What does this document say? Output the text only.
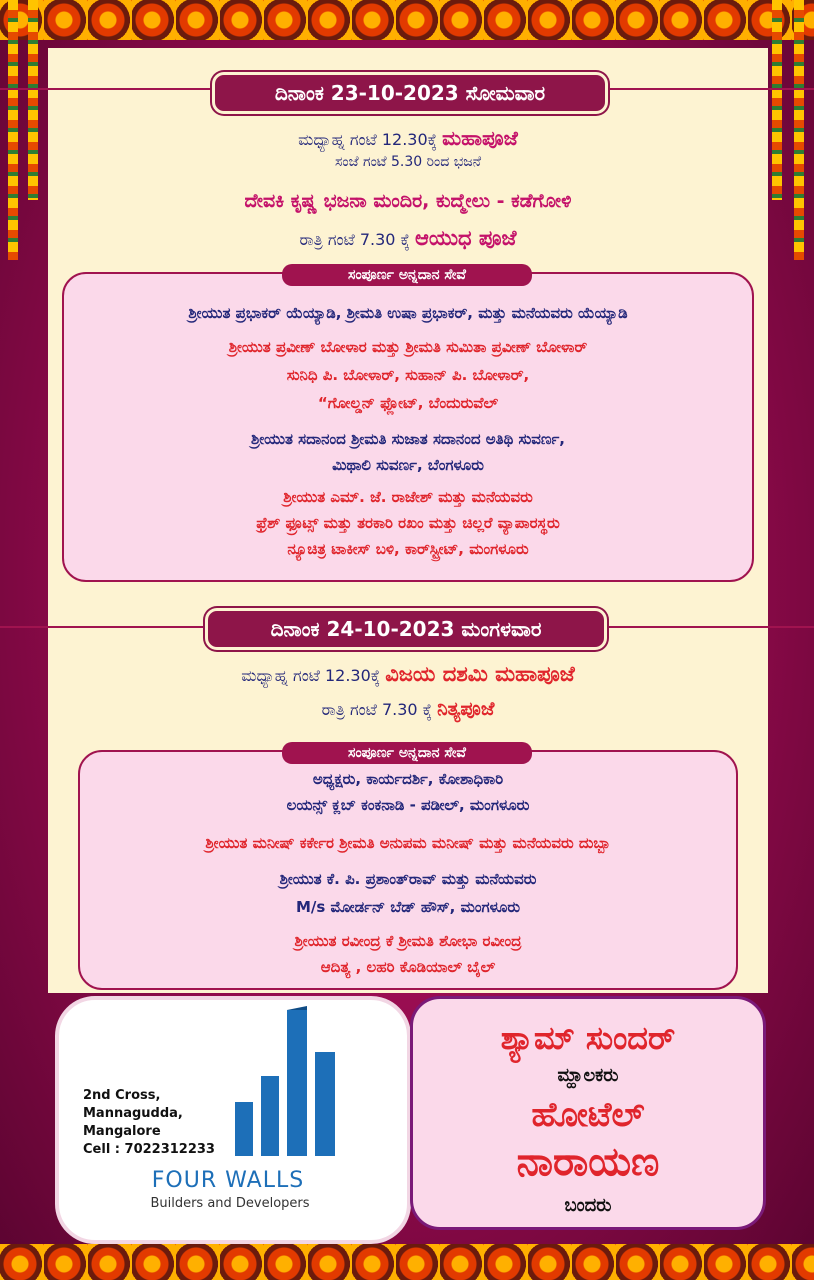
ದಿನಾಂಕ 23-10-2023 ಸೋಮವಾರ
ಮಧ್ಯಾಹ್ನ ಗಂಟೆ 12.30ಕ್ಕೆ ಮಹಾಪೂಜೆ
ಸಂಜೆ ಗಂಟೆ 5.30 ರಿಂದ ಭಜನೆ
ದೇವಕಿ ಕೃಷ್ಣ ಭಜನಾ ಮಂದಿರ, ಕುದ್ಮೇಲು - ಕಡೆಗೋಳಿ
ರಾತ್ರಿ ಗಂಟೆ 7.30 ಕ್ಕೆ ಆಯುಧ ಪೂಜೆ
ಸಂಪೂರ್ಣ ಅನ್ನದಾನ ಸೇವೆ
ಶ್ರೀಯುತ ಪ್ರಭಾಕರ್ ಯೆಯ್ಯಾಡಿ, ಶ್ರೀಮತಿ ಉಷಾ ಪ್ರಭಾಕರ್, ಮತ್ತು ಮನೆಯವರು ಯೆಯ್ಯಾಡಿ
ಶ್ರೀಯುತ ಪ್ರವೀಣ್ ಬೋಳಾರ ಮತ್ತು ಶ್ರೀಮತಿ ಸುಮಿತಾ ಪ್ರವೀಣ್ ಬೋಳಾರ್
ಸುನಿಧಿ ಪಿ. ಬೋಳಾರ್, ಸುಹಾನ್ ಪಿ. ಬೋಳಾರ್,
“ಗೋಲ್ಡನ್ ಫ್ಲೋಟ್, ಬೆಂದುರುವೆಲ್
ಶ್ರೀಯುತ ಸದಾನಂದ ಶ್ರೀಮತಿ ಸುಜಾತ ಸದಾನಂದ ಅತಿಥಿ ಸುವರ್ಣ,
ಮಿಥಾಲಿ ಸುವರ್ಣ, ಬೆಂಗಳೂರು
ಶ್ರೀಯುತ ಎಮ್. ಜೆ. ರಾಜೇಶ್ ಮತ್ತು ಮನೆಯವರು
ಫ್ರೆಶ್ ಫ್ರೂಟ್ಸ್ ಮತ್ತು ತರಕಾರಿ ರಖಂ ಮತ್ತು ಚಿಲ್ಲರೆ ವ್ಯಾಪಾರಸ್ಥರು
ನ್ಯೂಚಿತ್ರ ಟಾಕೀಸ್ ಬಳಿ, ಕಾರ್‌ಸ್ಟ್ರೀಟ್, ಮಂಗಳೂರು
ದಿನಾಂಕ 24-10-2023 ಮಂಗಳವಾರ
ಮಧ್ಯಾಹ್ನ ಗಂಟೆ 12.30ಕ್ಕೆ ವಿಜಯ ದಶಮಿ ಮಹಾಪೂಜೆ
ರಾತ್ರಿ ಗಂಟೆ 7.30 ಕ್ಕೆ ನಿತ್ಯಪೂಜೆ
ಸಂಪೂರ್ಣ ಅನ್ನದಾನ ಸೇವೆ
ಅಧ್ಯಕ್ಷರು, ಕಾರ್ಯದರ್ಶಿ, ಕೋಶಾಧಿಕಾರಿ
ಲಯನ್ಸ್ ಕ್ಲಬ್ ಕಂಕನಾಡಿ - ಪಡೀಲ್, ಮಂಗಳೂರು
ಶ್ರೀಯುತ ಮನೀಷ್ ಕರ್ಕೇರ ಶ್ರೀಮತಿ ಅನುಪಮ ಮನೀಷ್ ಮತ್ತು ಮನೆಯವರು ದುಬ್ಬಾ
ಶ್ರೀಯುತ ಕೆ. ಪಿ. ಪ್ರಶಾಂತ್‌ರಾವ್ ಮತ್ತು ಮನೆಯವರು
M/s ಮೋರ್ಡನ್ ಬೆಡ್ ಹೌಸ್, ಮಂಗಳೂರು
ಶ್ರೀಯುತ ರವೀಂದ್ರ ಕೆ ಶ್ರೀಮತಿ ಶೋಭಾ ರವೀಂದ್ರ
ಆದಿತ್ಯ , ಲಹರಿ ಕೊಡಿಯಾಲ್ ಬೈಲ್
2nd Cross,
Mannagudda,
Mangalore
Cell : 7022312233
FOUR WALLS
Builders and Developers
ಶ್ಯಾಮ್ ಸುಂದರ್
ಮ್ಹಾಲಕರು
ಹೋಟೆಲ್
ನಾರಾಯಣ
ಬಂದರು
